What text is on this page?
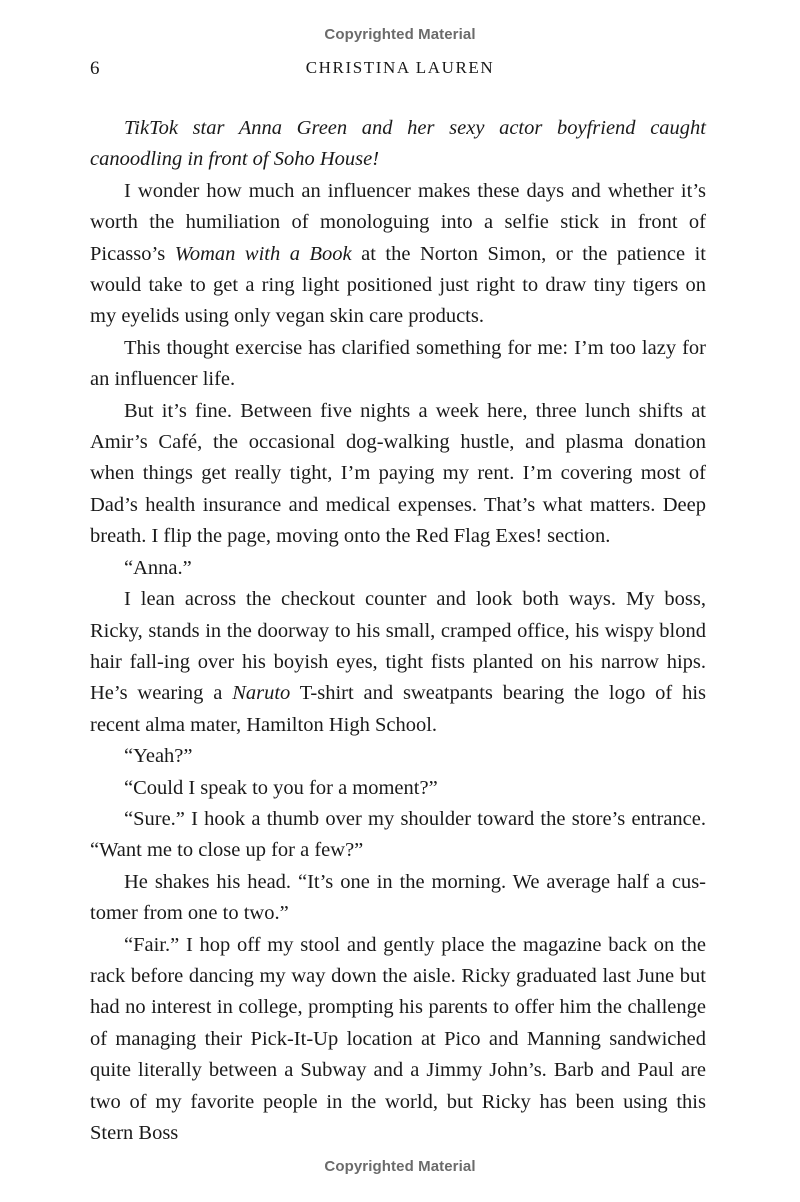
Copyrighted Material
6	CHRISTINA LAUREN

TikTok star Anna Green and her sexy actor boyfriend caught canoodling in front of Soho House!

I wonder how much an influencer makes these days and whether it’s worth the humiliation of monologuing into a selfie stick in front of Picasso’s Woman with a Book at the Norton Simon, or the patience it would take to get a ring light positioned just right to draw tiny tigers on my eyelids using only vegan skin care products.

This thought exercise has clarified something for me: I’m too lazy for an influencer life.

But it’s fine. Between five nights a week here, three lunch shifts at Amir’s Café, the occasional dog-walking hustle, and plasma donation when things get really tight, I’m paying my rent. I’m covering most of Dad’s health insurance and medical expenses. That’s what matters. Deep breath. I flip the page, moving onto the Red Flag Exes! section.

“Anna.”

I lean across the checkout counter and look both ways. My boss, Ricky, stands in the doorway to his small, cramped office, his wispy blond hair fall-ing over his boyish eyes, tight fists planted on his narrow hips. He’s wearing a Naruto T-shirt and sweatpants bearing the logo of his recent alma mater, Hamilton High School.

“Yeah?”

“Could I speak to you for a moment?”

“Sure.” I hook a thumb over my shoulder toward the store’s entrance. “Want me to close up for a few?”

He shakes his head. “It’s one in the morning. We average half a cus-tomer from one to two.”

“Fair.” I hop off my stool and gently place the magazine back on the rack before dancing my way down the aisle. Ricky graduated last June but had no interest in college, prompting his parents to offer him the challenge of managing their Pick-It-Up location at Pico and Manning sandwiched quite literally between a Subway and a Jimmy John’s. Barb and Paul are two of my favorite people in the world, but Ricky has been using this Stern Boss

Copyrighted Material
